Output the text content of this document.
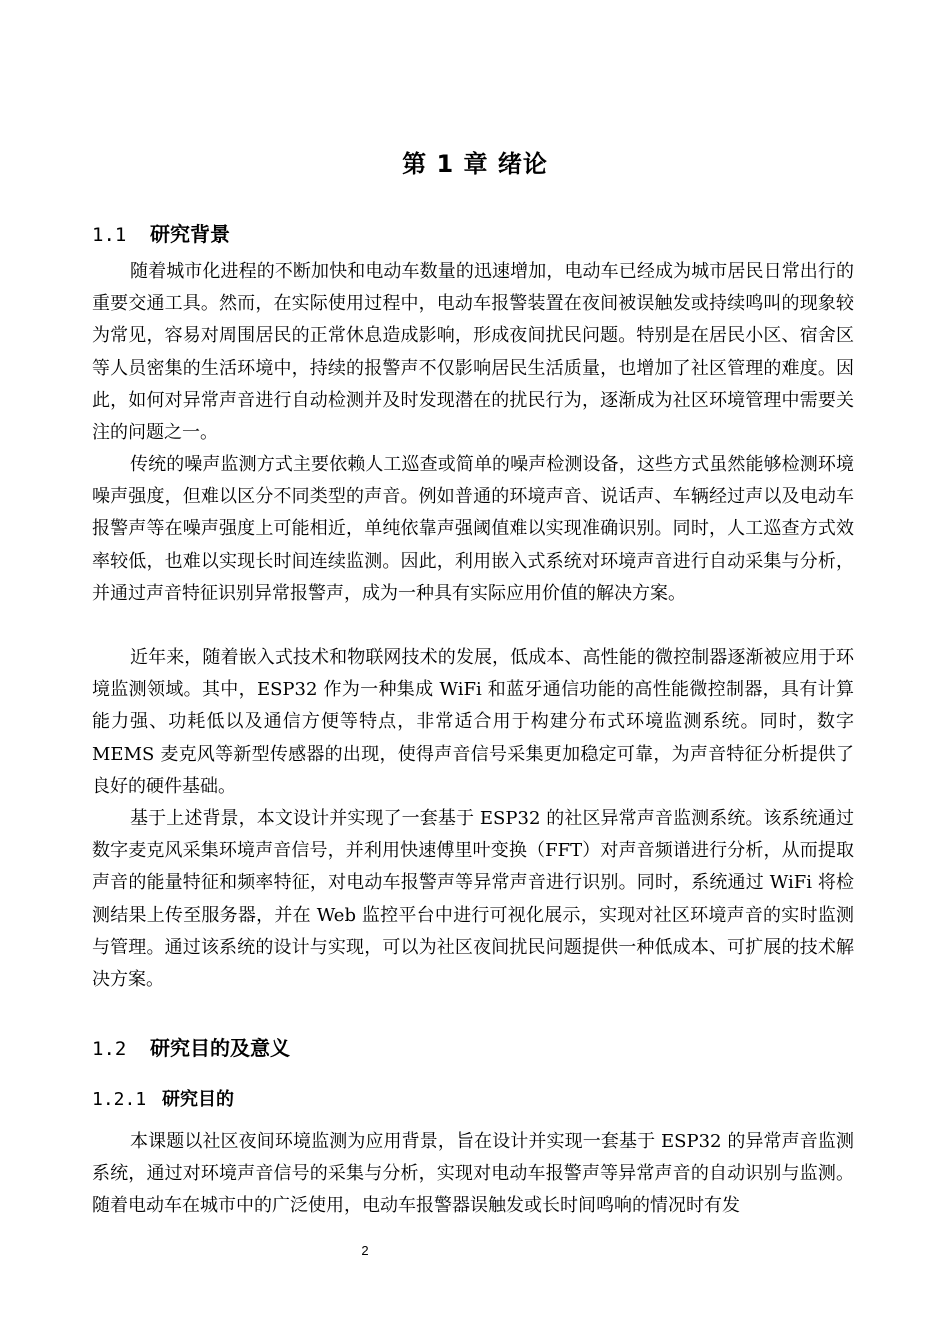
第 1 章 绪论
1.1 研究背景

随着城市化进程的不断加快和电动车数量的迅速增加，电动车已经成为城市居民日常出行的重要交通工具。然而，在实际使用过程中，电动车报警装置在夜间被误触发或持续鸣叫的现象较为常见，容易对周围居民的正常休息造成影响，形成夜间扰民问题。特别是在居民小区、宿舍区等人员密集的生活环境中，持续的报警声不仅影响居民生活质量，也增加了社区管理的难度。因此，如何对异常声音进行自动检测并及时发现潜在的扰民行为，逐渐成为社区环境管理中需要关注的问题之一。

传统的噪声监测方式主要依赖人工巡查或简单的噪声检测设备，这些方式虽然能够检测环境噪声强度，但难以区分不同类型的声音。例如普通的环境声音、说话声、车辆经过声以及电动车报警声等在噪声强度上可能相近，单纯依靠声强阈值难以实现准确识别。同时，人工巡查方式效率较低，也难以实现长时间连续监测。因此，利用嵌入式系统对环境声音进行自动采集与分析，并通过声音特征识别异常报警声，成为一种具有实际应用价值的解决方案。

近年来，随着嵌入式技术和物联网技术的发展，低成本、高性能的微控制器逐渐被应用于环境监测领域。其中，ESP32 作为一种集成 WiFi 和蓝牙通信功能的高性能微控制器，具有计算能力强、功耗低以及通信方便等特点，非常适合用于构建分布式环境监测系统。同时，数字 MEMS 麦克风等新型传感器的出现，使得声音信号采集更加稳定可靠，为声音特征分析提供了良好的硬件基础。

基于上述背景，本文设计并实现了一套基于 ESP32 的社区异常声音监测系统。该系统通过数字麦克风采集环境声音信号，并利用快速傅里叶变换（FFT）对声音频谱进行分析，从而提取声音的能量特征和频率特征，对电动车报警声等异常声音进行识别。同时，系统通过 WiFi 将检测结果上传至服务器，并在 Web 监控平台中进行可视化展示，实现对社区环境声音的实时监测与管理。通过该系统的设计与实现，可以为社区夜间扰民问题提供一种低成本、可扩展的技术解决方案。

1.2 研究目的及意义
1.2.1 研究目的

本课题以社区夜间环境监测为应用背景，旨在设计并实现一套基于 ESP32 的异常声音监测系统，通过对环境声音信号的采集与分析，实现对电动车报警声等异常声音的自动识别与监测。随着电动车在城市中的广泛使用，电动车报警器误触发或长时间鸣响的情况时有发

2
